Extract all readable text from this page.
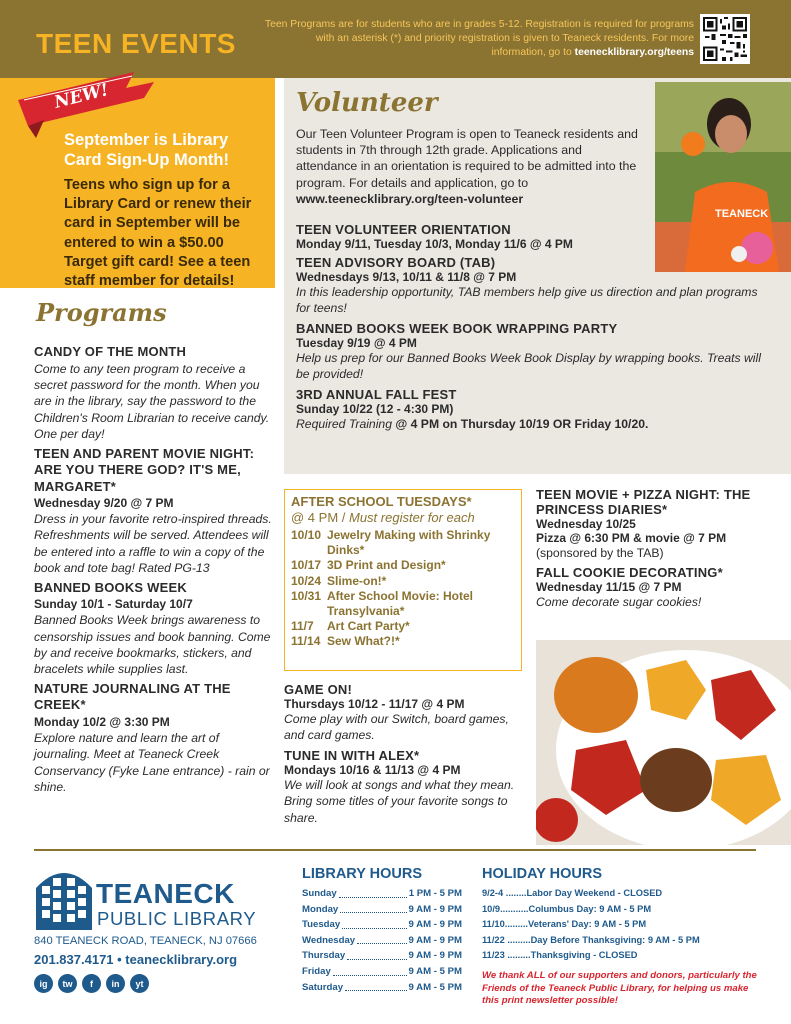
TEEN EVENTS
Teen Programs are for students who are in grades 5-12. Registration is required for programs with an asterisk (*) and priority registration is given to Teaneck residents. For more information, go to teenecklibrary.org/teens
NEW!
September is Library Card Sign-Up Month!
Teens who sign up for a Library Card or renew their card in September will be entered to win a $50.00 Target gift card! See a teen staff member for details!
TEANECK
Volunteer
Our Teen Volunteer Program is open to Teaneck residents and students in 7th through 12th grade. Applications and attendance in an orientation is required to be admitted into the program. For details and application, go to
www.teenecklibrary.org/teen-volunteer
TEEN VOLUNTEER ORIENTATION
Monday 9/11, Tuesday 10/3, Monday 11/6 @ 4 PM
TEEN ADVISORY BOARD (TAB)
Wednesdays 9/13, 10/11 & 11/8 @ 7 PM
In this leadership opportunity, TAB members help give us direction and plan programs for teens!
BANNED BOOKS WEEK BOOK WRAPPING PARTY
Tuesday 9/19 @ 4 PM
Help us prep for our Banned Books Week Book Display by wrapping books. Treats will be provided!
3RD ANNUAL FALL FEST
Sunday 10/22 (12 - 4:30 PM)
Required Training @ 4 PM on Thursday 10/19 OR Friday 10/20.
Programs
CANDY OF THE MONTH
Come to any teen program to receive a secret password for the month. When you are in the library, say the password to the Children's Room Librarian to receive candy. One per day!
TEEN AND PARENT MOVIE NIGHT: ARE YOU THERE GOD? IT'S ME, MARGARET*
Wednesday 9/20 @ 7 PM
Dress in your favorite retro-inspired threads. Refreshments will be served. Attendees will be entered into a raffle to win a copy of the book and tote bag! Rated PG-13
BANNED BOOKS WEEK
Sunday 10/1 - Saturday 10/7
Banned Books Week brings awareness to censorship issues and book banning. Come by and receive bookmarks, stickers, and bracelets while supplies last.
NATURE JOURNALING AT THE CREEK*
Monday 10/2 @ 3:30 PM
Explore nature and learn the art of journaling. Meet at Teaneck Creek Conservancy (Fyke Lane entrance) - rain or shine.
AFTER SCHOOL TUESDAYS*
@ 4 PM / Must register for each
10/10 Jewelry Making with Shrinky Dinks*
10/17 3D Print and Design*
10/24 Slime-on!*
10/31 After School Movie: Hotel Transylvania*
11/7	Art Cart Party*
11/14 Sew What?!*
GAME ON!
Thursdays 10/12 - 11/17 @ 4 PM
Come play with our Switch, board games, and card games.
TUNE IN WITH ALEX*
Mondays 10/16 & 11/13 @ 4 PM
We will look at songs and what they mean. Bring some titles of your favorite songs to share.
TEEN MOVIE + PIZZA NIGHT: THE PRINCESS DIARIES*
Wednesday 10/25
Pizza @ 6:30 PM & movie @ 7 PM
(sponsored by the TAB)
FALL COOKIE DECORATING*
Wednesday 11/15 @ 7 PM
Come decorate sugar cookies!
TEANECK
PUBLIC LIBRARY
840 TEANECK ROAD, TEANECK, NJ 07666
201.837.4171 • teanecklibrary.org
ig	tw	f	in	yt
LIBRARY HOURS
Sunday	1 PM - 5 PM
Monday	9 AM - 9 PM
Tuesday	9 AM - 9 PM
Wednesday	9 AM - 9 PM
Thursday	9 AM - 9 PM
Friday	9 AM - 5 PM
Saturday	9 AM - 5 PM
HOLIDAY HOURS
9/2-4 ........ Labor Day Weekend - CLOSED
10/9........... Columbus Day: 9 AM - 5 PM
11/10......... Veterans' Day: 9 AM - 5 PM
11/22 ......... Day Before Thanksgiving: 9 AM - 5 PM
11/23 ......... Thanksgiving - CLOSED
We thank ALL of our supporters and donors, particularly the Friends of the Teaneck Public Library, for helping us make this print newsletter possible!
